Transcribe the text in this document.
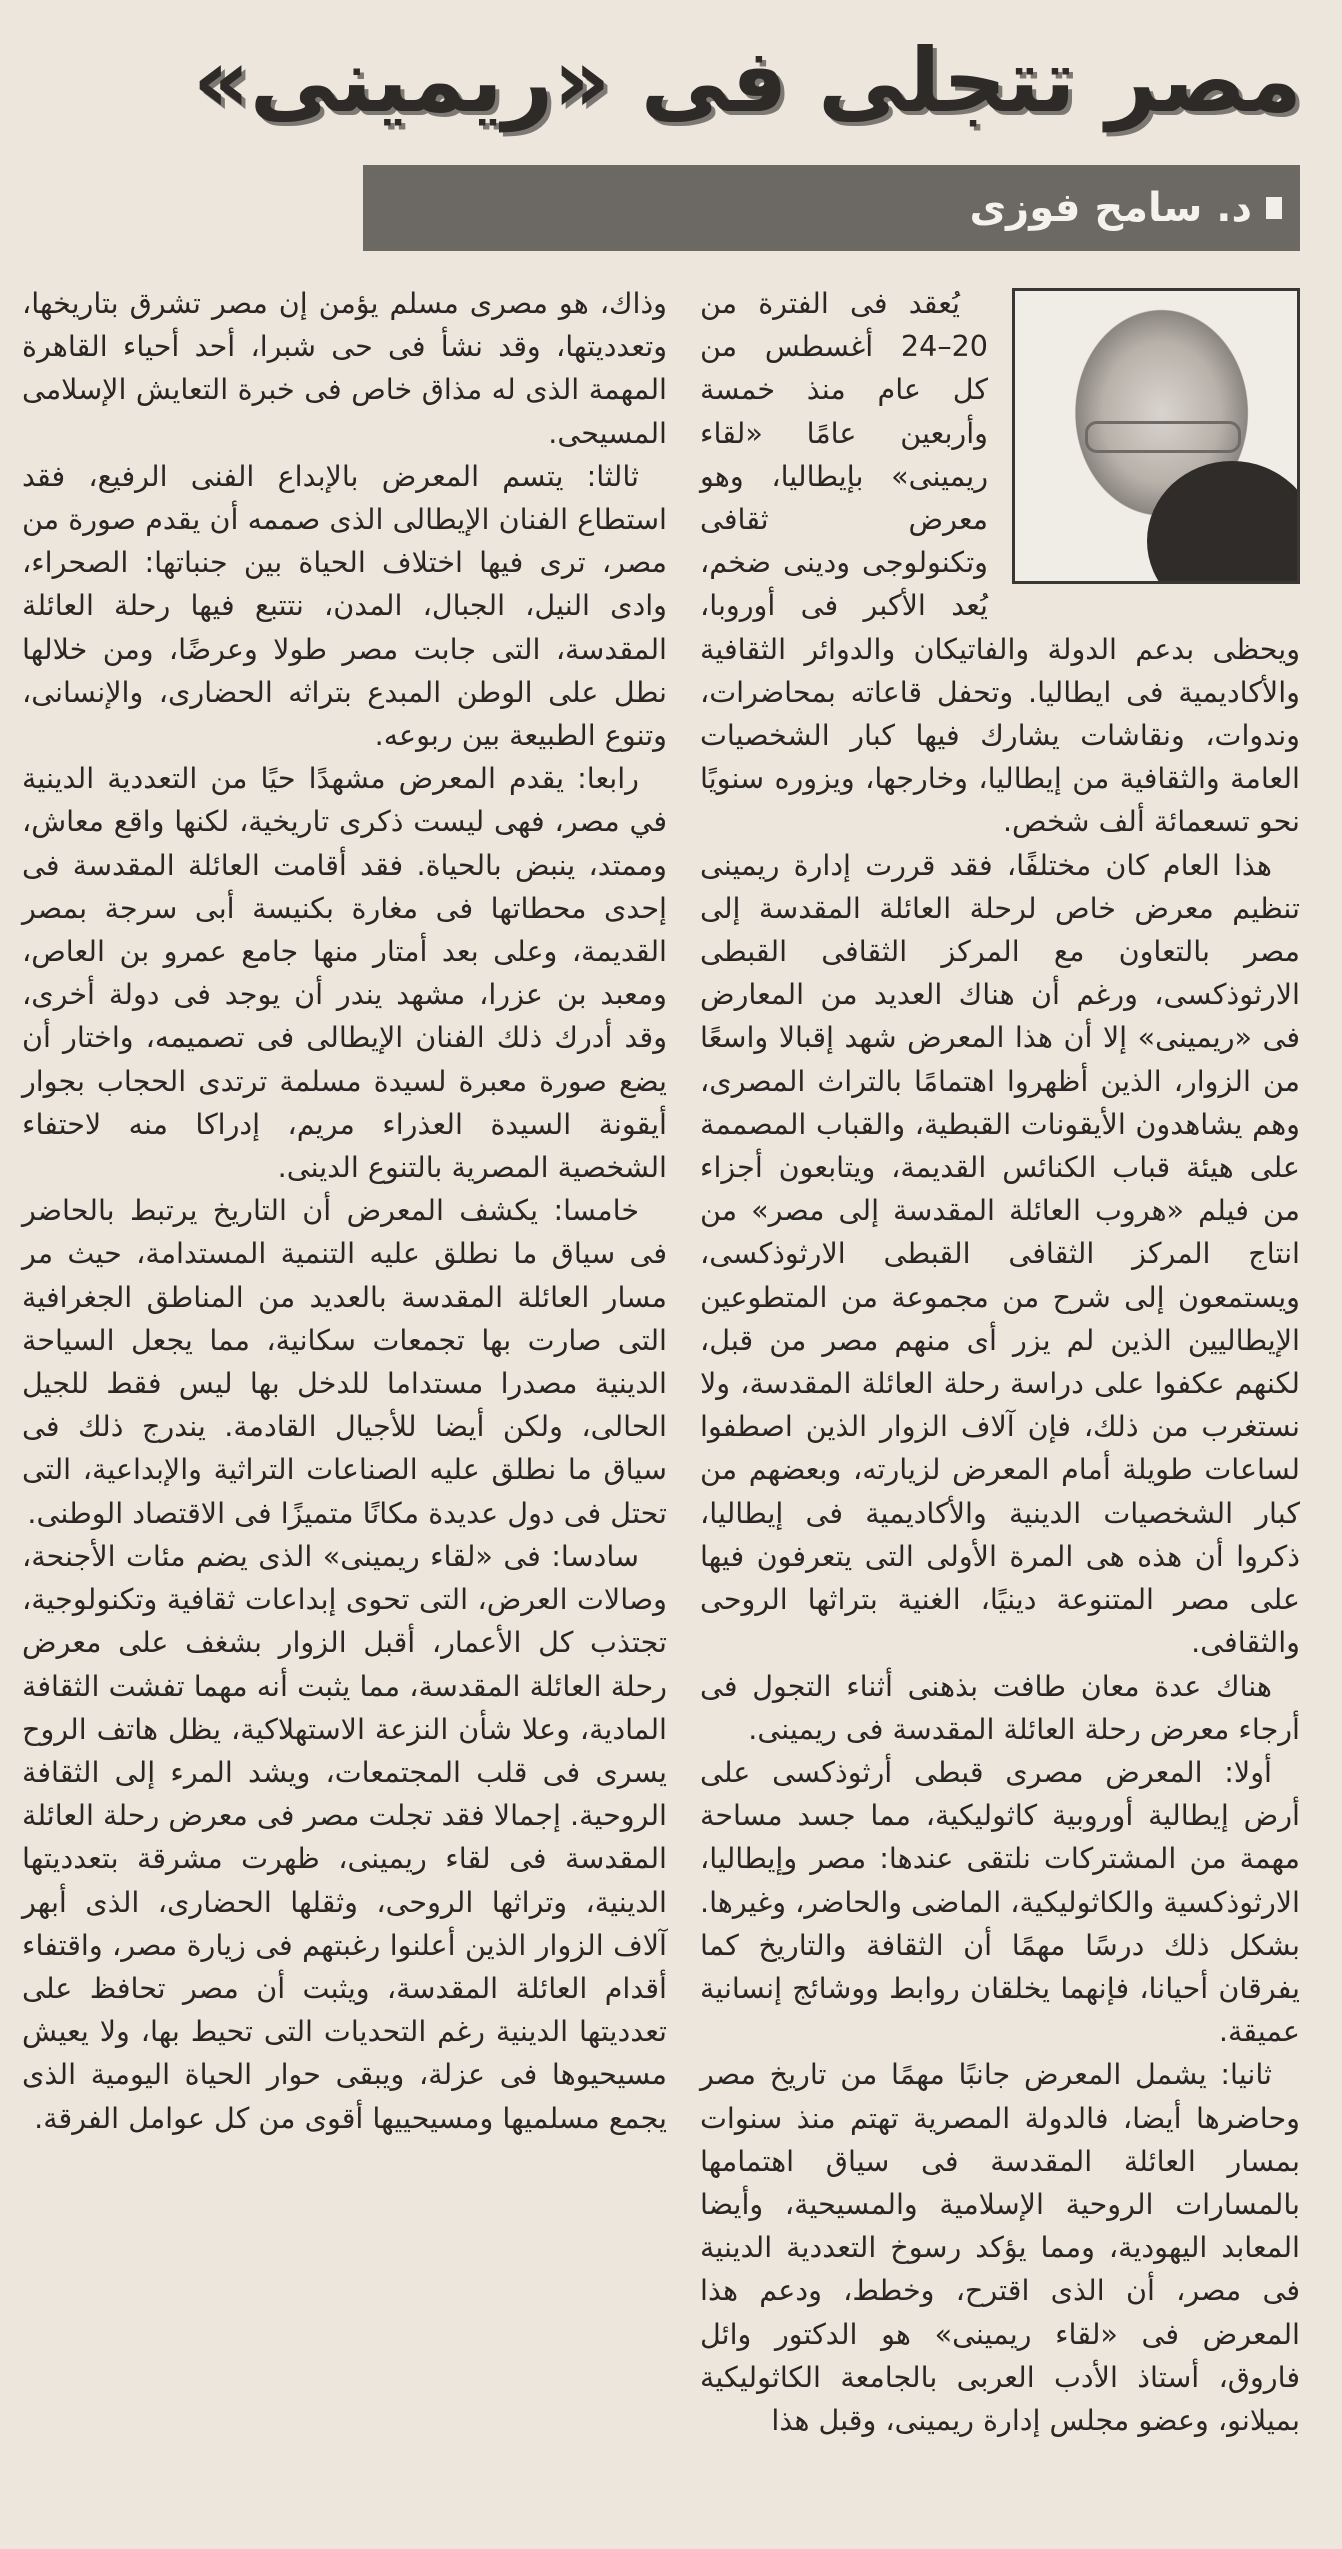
مصر تتجلى فى «ريمينى»
د. سامح فوزى

يُعقد فى الفترة من 20–24 أغسطس من كل عام منذ خمسة وأربعين عامًا «لقاء ريمينى» بإيطاليا، وهو معرض ثقافى وتكنولوجى ودينى ضخم، يُعد الأكبر فى أوروبا، ويحظى بدعم الدولة والفاتيكان والدوائر الثقافية والأكاديمية فى ايطاليا. وتحفل قاعاته بمحاضرات، وندوات، ونقاشات يشارك فيها كبار الشخصيات العامة والثقافية من إيطاليا، وخارجها، ويزوره سنويًا نحو تسعمائة ألف شخص.

هذا العام كان مختلفًا، فقد قررت إدارة ريمينى تنظيم معرض خاص لرحلة العائلة المقدسة إلى مصر بالتعاون مع المركز الثقافى القبطى الارثوذكسى، ورغم أن هناك العديد من المعارض فى «ريمينى» إلا أن هذا المعرض شهد إقبالا واسعًا من الزوار، الذين أظهروا اهتمامًا بالتراث المصرى، وهم يشاهدون الأيقونات القبطية، والقباب المصممة على هيئة قباب الكنائس القديمة، ويتابعون أجزاء من فيلم «هروب العائلة المقدسة إلى مصر» من انتاج المركز الثقافى القبطى الارثوذكسى، ويستمعون إلى شرح من مجموعة من المتطوعين الإيطاليين الذين لم يزر أى منهم مصر من قبل، لكنهم عكفوا على دراسة رحلة العائلة المقدسة، ولا نستغرب من ذلك، فإن آلاف الزوار الذين اصطفوا لساعات طويلة أمام المعرض لزيارته، وبعضهم من كبار الشخصيات الدينية والأكاديمية فى إيطاليا، ذكروا أن هذه هى المرة الأولى التى يتعرفون فيها على مصر المتنوعة دينيًا، الغنية بتراثها الروحى والثقافى.

هناك عدة معان طافت بذهنى أثناء التجول فى أرجاء معرض رحلة العائلة المقدسة فى ريمينى.

أولا: المعرض مصرى قبطى أرثوذكسى على أرض إيطالية أوروبية كاثوليكية، مما جسد مساحة مهمة من المشتركات نلتقى عندها: مصر وإيطاليا، الارثوذكسية والكاثوليكية، الماضى والحاضر، وغيرها. بشكل ذلك درسًا مهمًا أن الثقافة والتاريخ كما يفرقان أحيانا، فإنهما يخلقان روابط ووشائج إنسانية عميقة.

ثانيا: يشمل المعرض جانبًا مهمًا من تاريخ مصر وحاضرها أيضا، فالدولة المصرية تهتم منذ سنوات بمسار العائلة المقدسة فى سياق اهتمامها بالمسارات الروحية الإسلامية والمسيحية، وأيضا المعابد اليهودية، ومما يؤكد رسوخ التعددية الدينية فى مصر، أن الذى اقترح، وخطط، ودعم هذا المعرض فى «لقاء ريمينى» هو الدكتور وائل فاروق، أستاذ الأدب العربى بالجامعة الكاثوليكية بميلانو، وعضو مجلس إدارة ريمينى، وقبل هذا

وذاك، هو مصرى مسلم يؤمن إن مصر تشرق بتاريخها، وتعدديتها، وقد نشأ فى حى شبرا، أحد أحياء القاهرة المهمة الذى له مذاق خاص فى خبرة التعايش الإسلامى المسيحى.

ثالثا: يتسم المعرض بالإبداع الفنى الرفيع، فقد استطاع الفنان الإيطالى الذى صممه أن يقدم صورة من مصر، ترى فيها اختلاف الحياة بين جنباتها: الصحراء، وادى النيل، الجبال، المدن، نتتبع فيها رحلة العائلة المقدسة، التى جابت مصر طولا وعرضًا، ومن خلالها نطل على الوطن المبدع بتراثه الحضارى، والإنسانى، وتنوع الطبيعة بين ربوعه.

رابعا: يقدم المعرض مشهدًا حيًا من التعددية الدينية في مصر، فهى ليست ذكرى تاريخية، لكنها واقع معاش، وممتد، ينبض بالحياة. فقد أقامت العائلة المقدسة فى إحدى محطاتها فى مغارة بكنيسة أبى سرجة بمصر القديمة، وعلى بعد أمتار منها جامع عمرو بن العاص، ومعبد بن عزرا، مشهد يندر أن يوجد فى دولة أخرى، وقد أدرك ذلك الفنان الإيطالى فى تصميمه، واختار أن يضع صورة معبرة لسيدة مسلمة ترتدى الحجاب بجوار أيقونة السيدة العذراء مريم، إدراكا منه لاحتفاء الشخصية المصرية بالتنوع الدينى.

خامسا: يكشف المعرض أن التاريخ يرتبط بالحاضر فى سياق ما نطلق عليه التنمية المستدامة، حيث مر مسار العائلة المقدسة بالعديد من المناطق الجغرافية التى صارت بها تجمعات سكانية، مما يجعل السياحة الدينية مصدرا مستداما للدخل بها ليس فقط للجيل الحالى، ولكن أيضا للأجيال القادمة. يندرج ذلك فى سياق ما نطلق عليه الصناعات التراثية والإبداعية، التى تحتل فى دول عديدة مكانًا متميزًا فى الاقتصاد الوطنى.

سادسا: فى «لقاء ريمينى» الذى يضم مئات الأجنحة، وصالات العرض، التى تحوى إبداعات ثقافية وتكنولوجية، تجتذب كل الأعمار، أقبل الزوار بشغف على معرض رحلة العائلة المقدسة، مما يثبت أنه مهما تفشت الثقافة المادية، وعلا شأن النزعة الاستهلاكية، يظل هاتف الروح يسرى فى قلب المجتمعات، ويشد المرء إلى الثقافة الروحية. إجمالا فقد تجلت مصر فى معرض رحلة العائلة المقدسة فى لقاء ريمينى، ظهرت مشرقة بتعدديتها الدينية، وتراثها الروحى، وثقلها الحضارى، الذى أبهر آلاف الزوار الذين أعلنوا رغبتهم فى زيارة مصر، واقتفاء أقدام العائلة المقدسة، ويثبت أن مصر تحافظ على تعدديتها الدينية رغم التحديات التى تحيط بها، ولا يعيش مسيحيوها فى عزلة، ويبقى حوار الحياة اليومية الذى يجمع مسلميها ومسيحييها أقوى من كل عوامل الفرقة.
